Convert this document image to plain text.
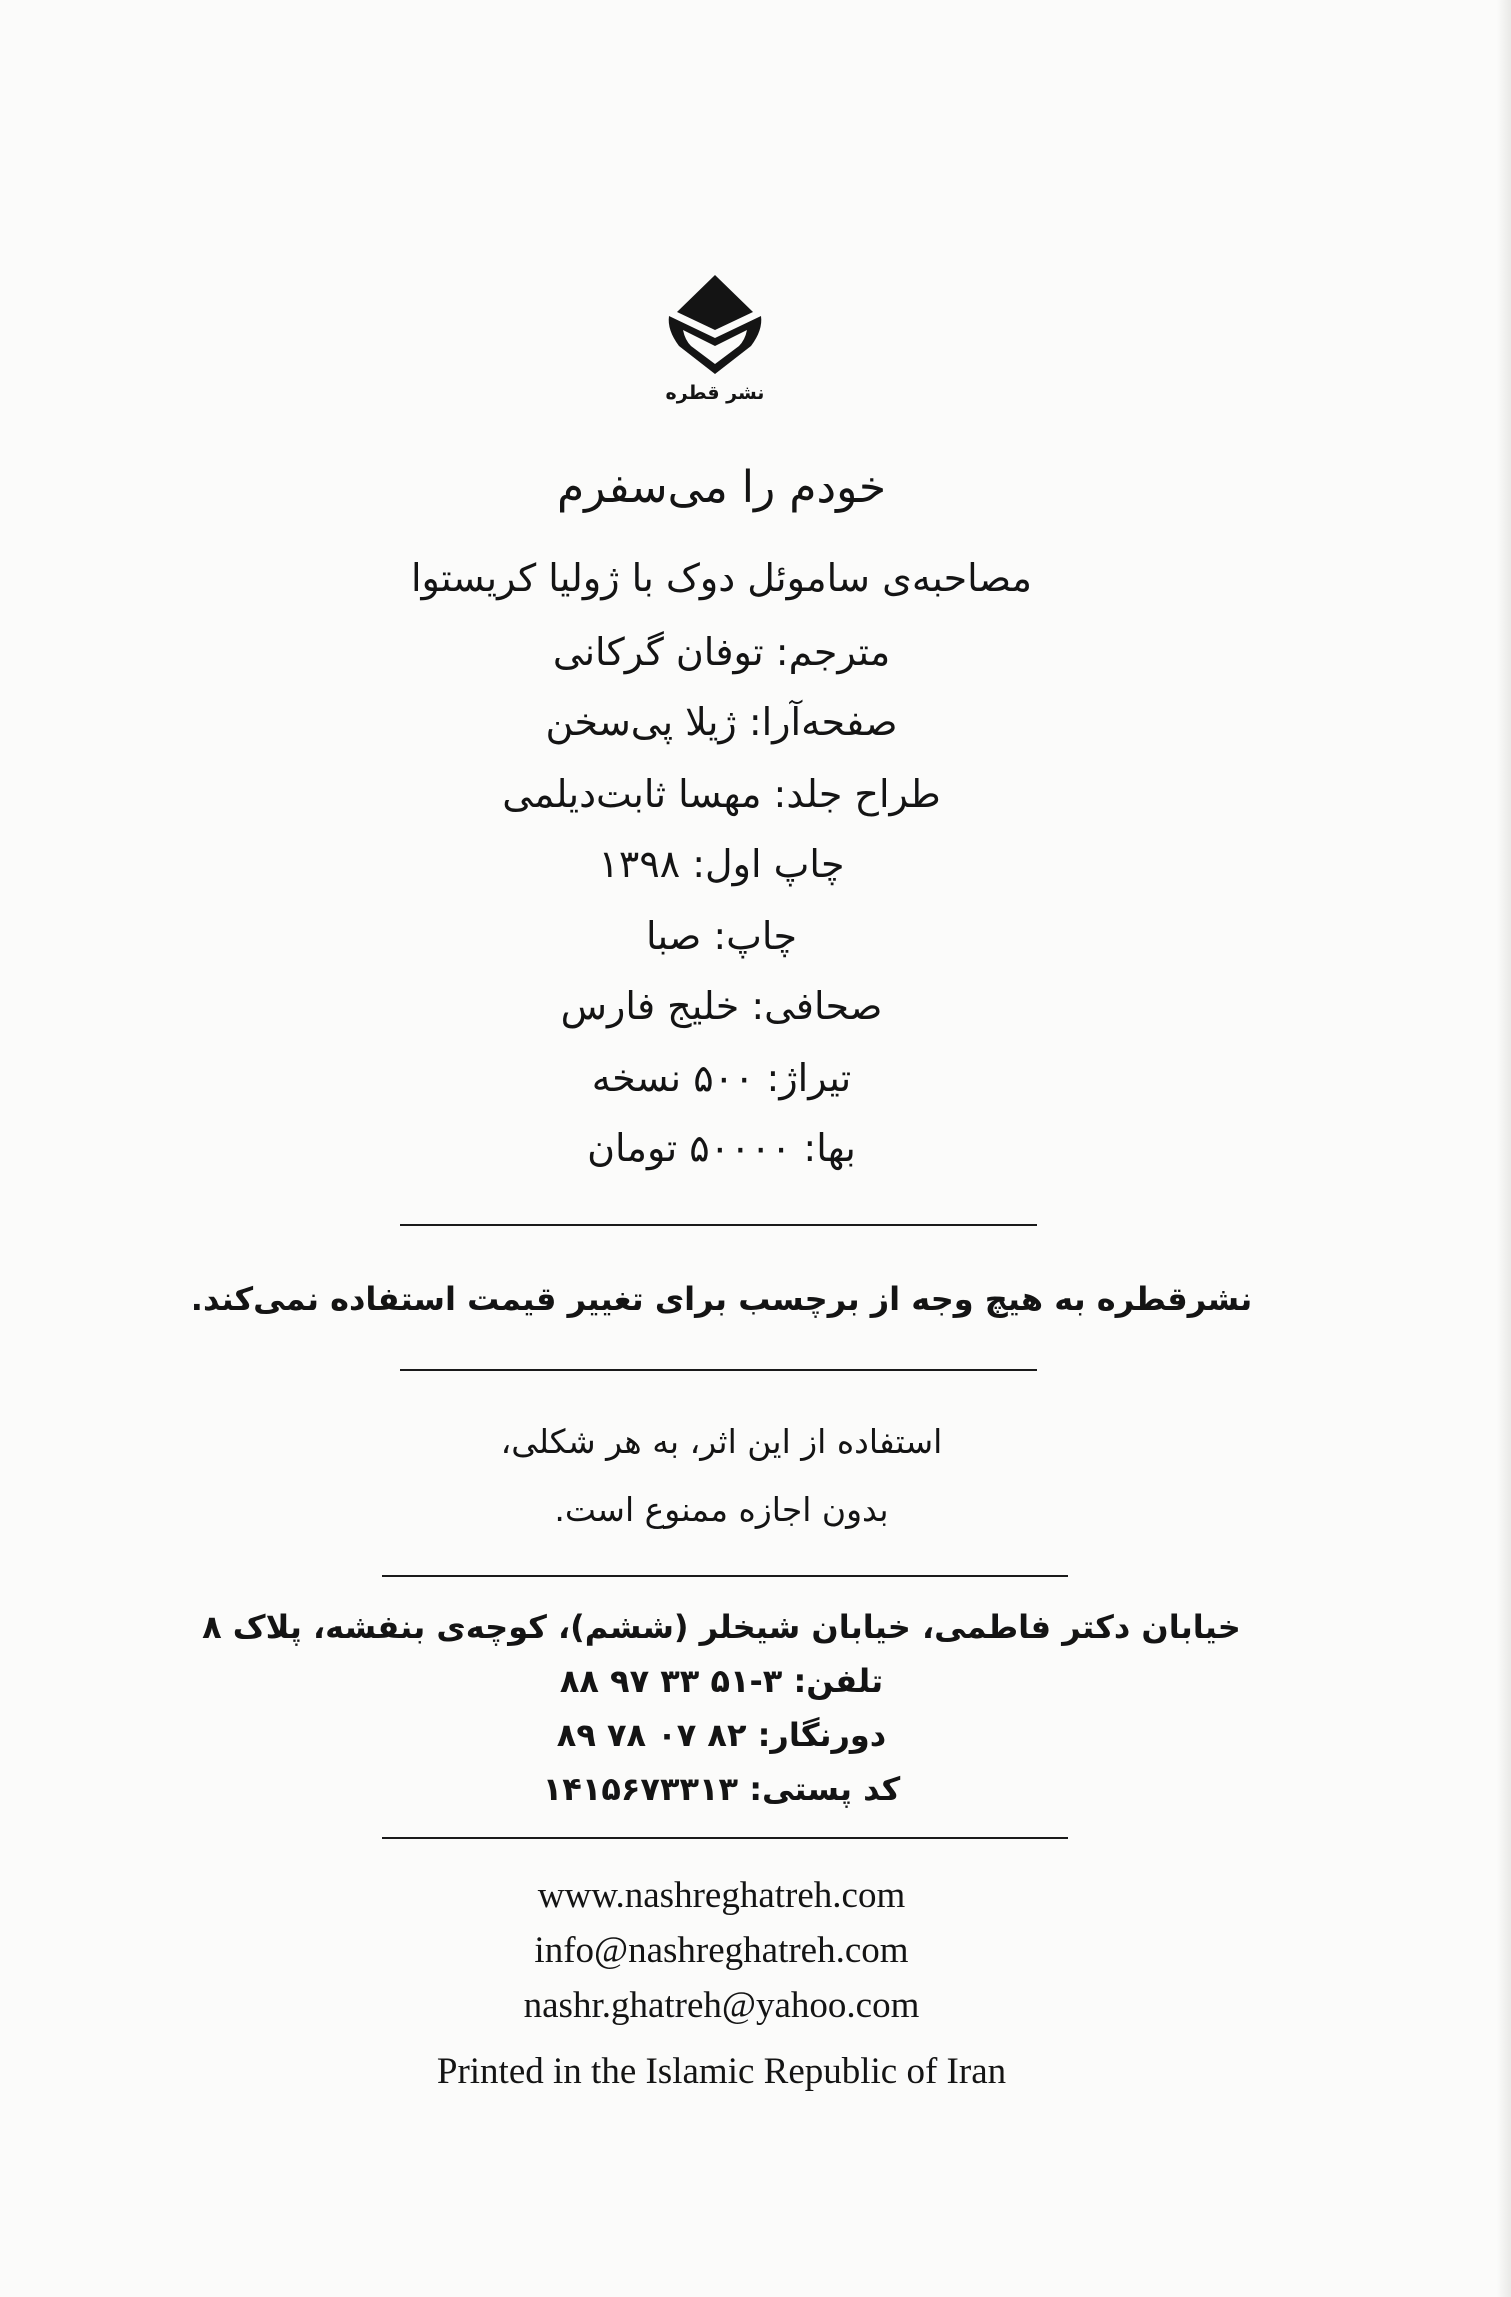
نشر قطره
خودم را می‌سفرم
مصاحبه‌ی ساموئل دوک با ژولیا کریستوا
مترجم: توفان گرکانی
صفحه‌آرا: ژیلا پی‌سخن
طراح جلد: مهسا ثابت‌دیلمی
چاپ اول: ۱۳۹۸
چاپ: صبا
صحافی: خلیج فارس
تیراژ: ۵۰۰ نسخه
بها: ۵۰۰۰۰ تومان
نشرقطره به هیچ وجه از برچسب برای تغییر قیمت استفاده نمی‌کند.
استفاده از این اثر، به هر شکلی،
بدون اجازه ممنوع است.
خیابان دکتر فاطمی، خیابان شیخلر (ششم)، کوچه‌ی بنفشه، پلاک ۸
تلفن: ۳-۵۱ ۳۳ ۹۷ ۸۸
دورنگار: ۸۲ ۰۷ ۷۸ ۸۹
کد پستی: ۱۴۱۵۶۷۳۳۱۳
www.nashreghatreh.com
info@nashreghatreh.com
nashr.ghatreh@yahoo.com
Printed in the Islamic Republic of Iran
